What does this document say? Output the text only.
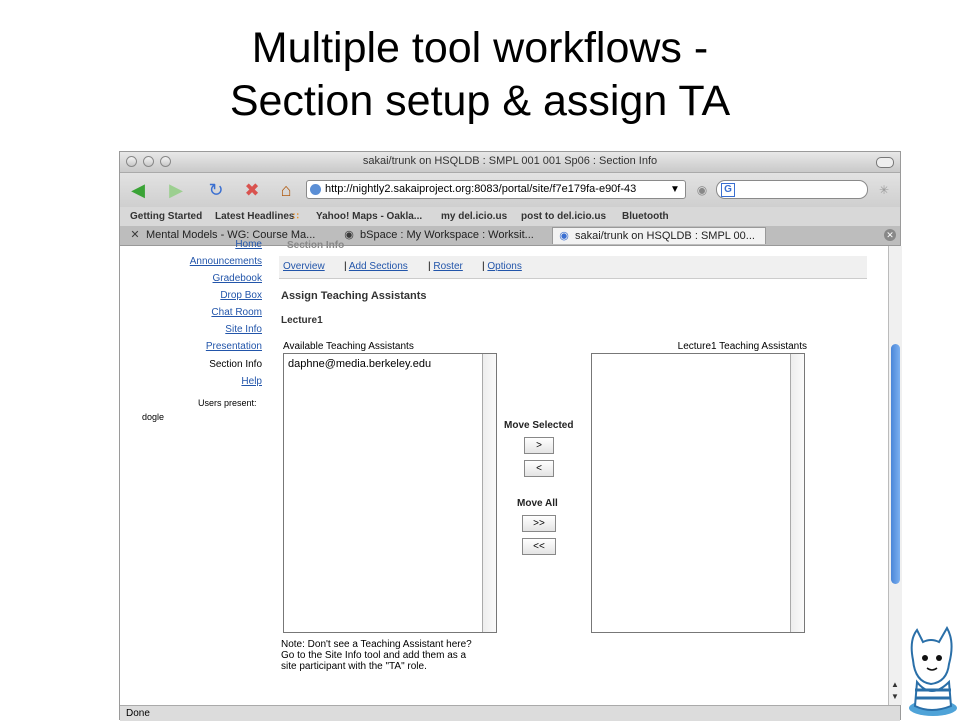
Multiple tool workflows -
Section setup & assign TA
sakai/trunk on HSQLDB : SMPL 001 001 Sp06 : Section Info
◀ ▶ ↻ ✖	⌂	http://nightly2.sakaiproject.org:8083/portal/site/f7e179fa-e90f-43	▼	◉	G	✳
Getting Started Latest Headlines
∷ Yahoo! Maps - Oakla... my del.icio.us post to del.icio.us Bluetooth
✕ Mental Models - WG: Course Ma...	◉ bSpace : My Workspace : Worksit...	◉ sakai/trunk on HSQLDB : SMPL 00...	✕
Home
Announcements
Gradebook
Drop Box
Chat Room
Site Info
Presentation
Section Info
Help
Users present:
dogle
Section Info
Overview | Add Sections | Roster | Options
Assign Teaching Assistants
Lecture1
Available Teaching Assistants
daphne@media.berkeley.edu
Lecture1 Teaching Assistants
Move Selected
>
<
Move All
>>
<<
Note: Don't see a Teaching Assistant here? Go to the Site Info tool and add them as a site participant with the "TA" role.
▲
▼
Done
